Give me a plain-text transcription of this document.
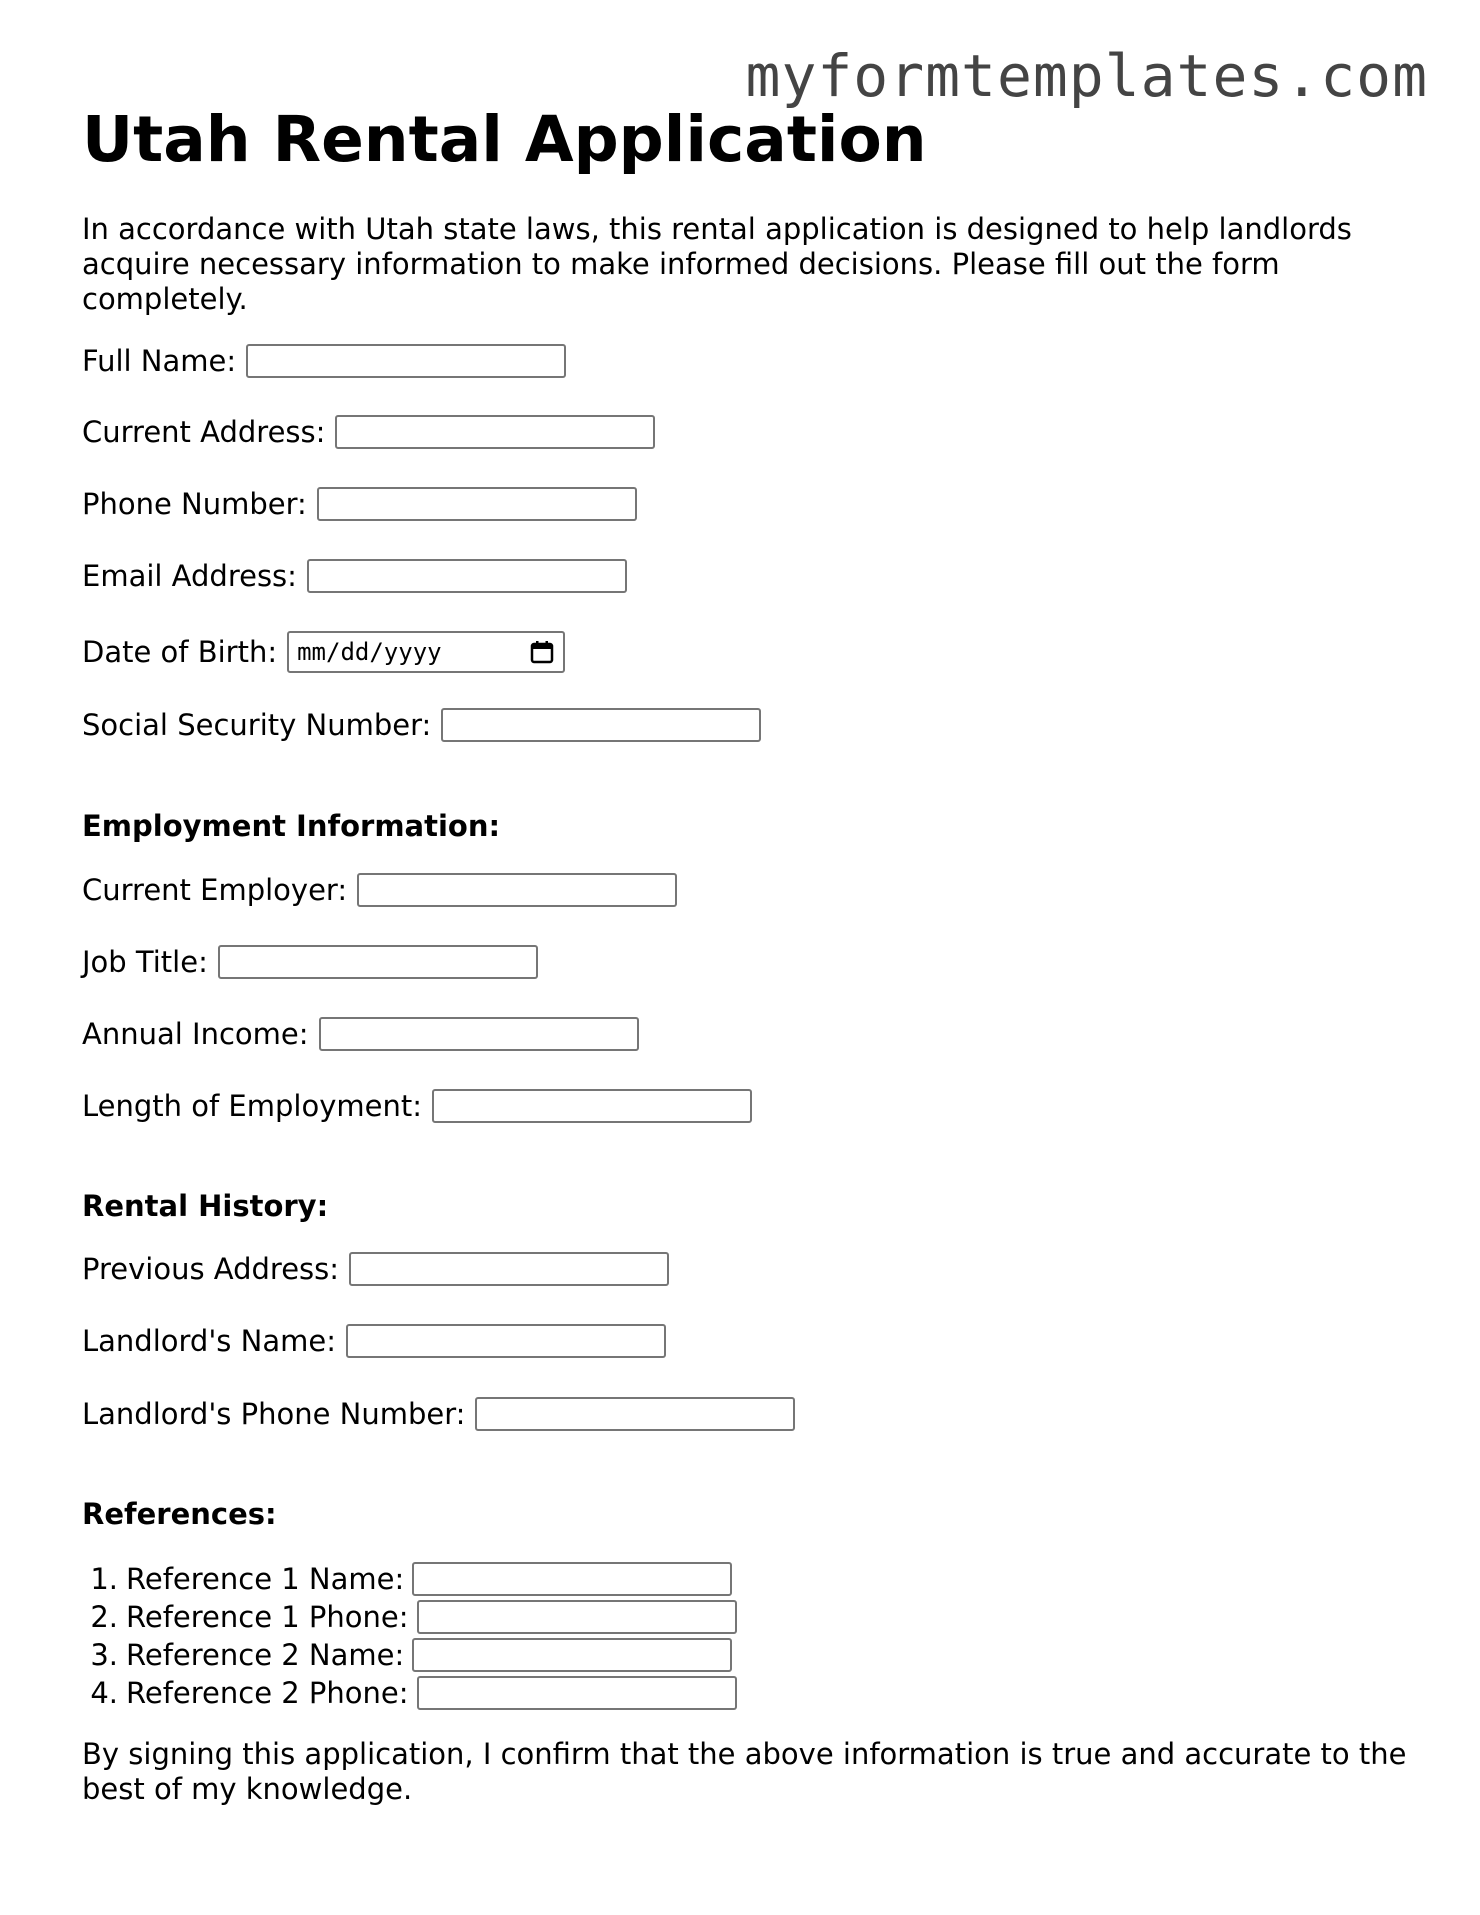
myformtemplates.com
Utah Rental Application

In accordance with Utah state laws, this rental application is designed to help landlords acquire necessary information to make informed decisions. Please fill out the form completely.

Full Name:
Current Address:
Phone Number:
Email Address:
Date of Birth: mm/dd/yyyy
Social Security Number:
Employment Information:
Current Employer:
Job Title:
Annual Income:
Length of Employment:
Rental History:
Previous Address:
Landlord's Name:
Landlord's Phone Number:
References:
1. Reference 1 Name:
2. Reference 1 Phone:
3. Reference 2 Name:
4. Reference 2 Phone:

By signing this application, I confirm that the above information is true and accurate to the best of my knowledge.
